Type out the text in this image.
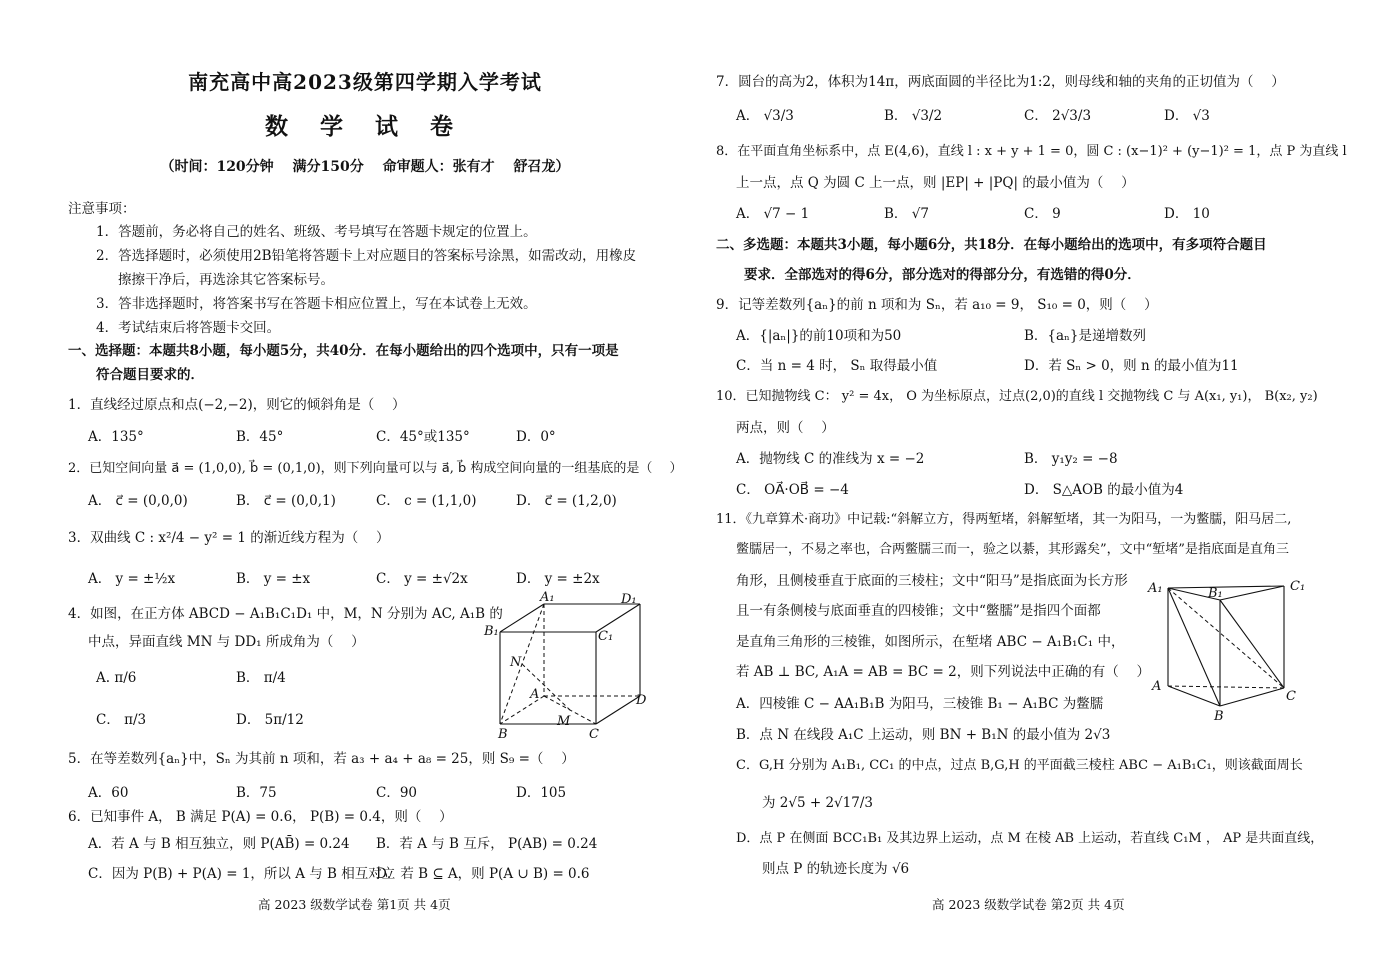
南充高中高2023级第四学期入学考试
数 学 试 卷
（时间：120分钟　 满分150分　 命审题人：张有才　 舒召龙）
注意事项：
1．答题前，务必将自己的姓名、班级、考号填写在答题卡规定的位置上。
2．答选择题时，必须使用2B铅笔将答题卡上对应题目的答案标号涂黑，如需改动，用橡皮
擦擦干净后，再选涂其它答案标号。
3．答非选择题时，将答案书写在答题卡相应位置上，写在本试卷上无效。
4．考试结束后将答题卡交回。
一、选择题：本题共8小题，每小题5分，共40分．在每小题给出的四个选项中，只有一项是
符合题目要求的．
1．直线经过原点和点(−2,−2)，则它的倾斜角是（　 ）
A．135°	B．45°	C．45°或135°	D．0°
2．已知空间向量 a⃗ = (1,0,0), b⃗ = (0,1,0)，则下列向量可以与 a⃗, b⃗ 构成空间向量的一组基底的是（　 ）
A． c⃗ = (0,0,0)	B． c⃗ = (0,0,1)	C． c = (1,1,0)	D． c⃗ = (1,2,0)
3．双曲线 C : x²/4 − y² = 1 的渐近线方程为（　 ）
A． y = ±½x	B． y = ±x	C． y = ±√2x	D． y = ±2x
4．如图，在正方体 ABCD − A₁B₁C₁D₁ 中，M，N 分别为 AC, A₁B 的
中点，异面直线 MN 与 DD₁ 所成角为（　 ）
A. π/6	B． π/4
C． π/3	D． 5π/12
A₁	D₁
B₁	C₁
N
A	D
M
B	C
5．在等差数列{aₙ}中，Sₙ 为其前 n 项和，若 a₃ + a₄ + a₈ = 25，则 S₉ =（　 ）
A．60	B．75	C．90	D．105
6．已知事件 A， B 满足 P(A) = 0.6， P(B) = 0.4，则（　 ）
A．若 A 与 B 相互独立，则 P(AB̄) = 0.24 B．若 A 与 B 互斥， P(AB) = 0.24
C．因为 P(B) + P(A) = 1，所以 A 与 B 相互对立
D．若 B ⊆ A，则 P(A ∪ B) = 0.6
高 2023 级数学试卷 第1页 共 4页
7．圆台的高为2，体积为14π，两底面圆的半径比为1:2，则母线和轴的夹角的正切值为（　 ）
A． √3/3	B． √3/2	C． 2√3/3	D． √3
8．在平面直角坐标系中，点 E(4,6)，直线 l : x + y + 1 = 0，圆 C : (x−1)² + (y−1)² = 1，点 P 为直线 l
上一点，点 Q 为圆 C 上一点，则 |EP| + |PQ| 的最小值为（　 ）
A． √7 − 1	B． √7	C． 9	D． 10
二、多选题：本题共3小题，每小题6分，共18分．在每小题给出的选项中，有多项符合题目
要求．全部选对的得6分，部分选对的得部分分，有选错的得0分．
9．记等差数列{aₙ}的前 n 项和为 Sₙ，若 a₁₀ = 9， S₁₀ = 0，则（　 ）
A．{|aₙ|}的前10项和为50	B．{aₙ}是递增数列
C．当 n = 4 时， Sₙ 取得最小值	D．若 Sₙ > 0，则 n 的最小值为11
10．已知抛物线 C： y² = 4x， O 为坐标原点，过点(2,0)的直线 l 交抛物线 C 与 A(x₁, y₁)， B(x₂, y₂)
两点，则（　 ）
A．抛物线 C 的准线为 x = −2	B． y₁y₂ = −8
C． OA⃗·OB⃗ = −4	D． S△AOB 的最小值为4
11．《九章算术·商功》中记载:“斜解立方，得两堑堵，斜解堑堵，其一为阳马，一为鳖臑，阳马居二,
鳖臑居一，不易之率也，合两鳖臑三而一，验之以綦，其形露矣”，文中“堑堵”是指底面是直角三
角形，且侧棱垂直于底面的三棱柱；文中“阳马”是指底面为长方形
且一有条侧棱与底面垂直的四棱锥；文中“鳖臑”是指四个面都
是直角三角形的三棱锥，如图所示，在堑堵 ABC − A₁B₁C₁ 中，
若 AB ⊥ BC, A₁A = AB = BC = 2，则下列说法中正确的有（　 ）
A₁	B₁	C₁
A
C
B
A．四棱锥 C − AA₁B₁B 为阳马，三棱锥 B₁ − A₁BC 为鳖臑
B．点 N 在线段 A₁C 上运动，则 BN + B₁N 的最小值为 2√3
C．G,H 分别为 A₁B₁, CC₁ 的中点，过点 B,G,H 的平面截三棱柱 ABC − A₁B₁C₁，则该截面周长
为 2√5 + 2√17/3
D．点 P 在侧面 BCC₁B₁ 及其边界上运动，点 M 在棱 AB 上运动，若直线 C₁M ， AP 是共面直线，
则点 P 的轨迹长度为 √6
高 2023 级数学试卷 第2页 共 4页
